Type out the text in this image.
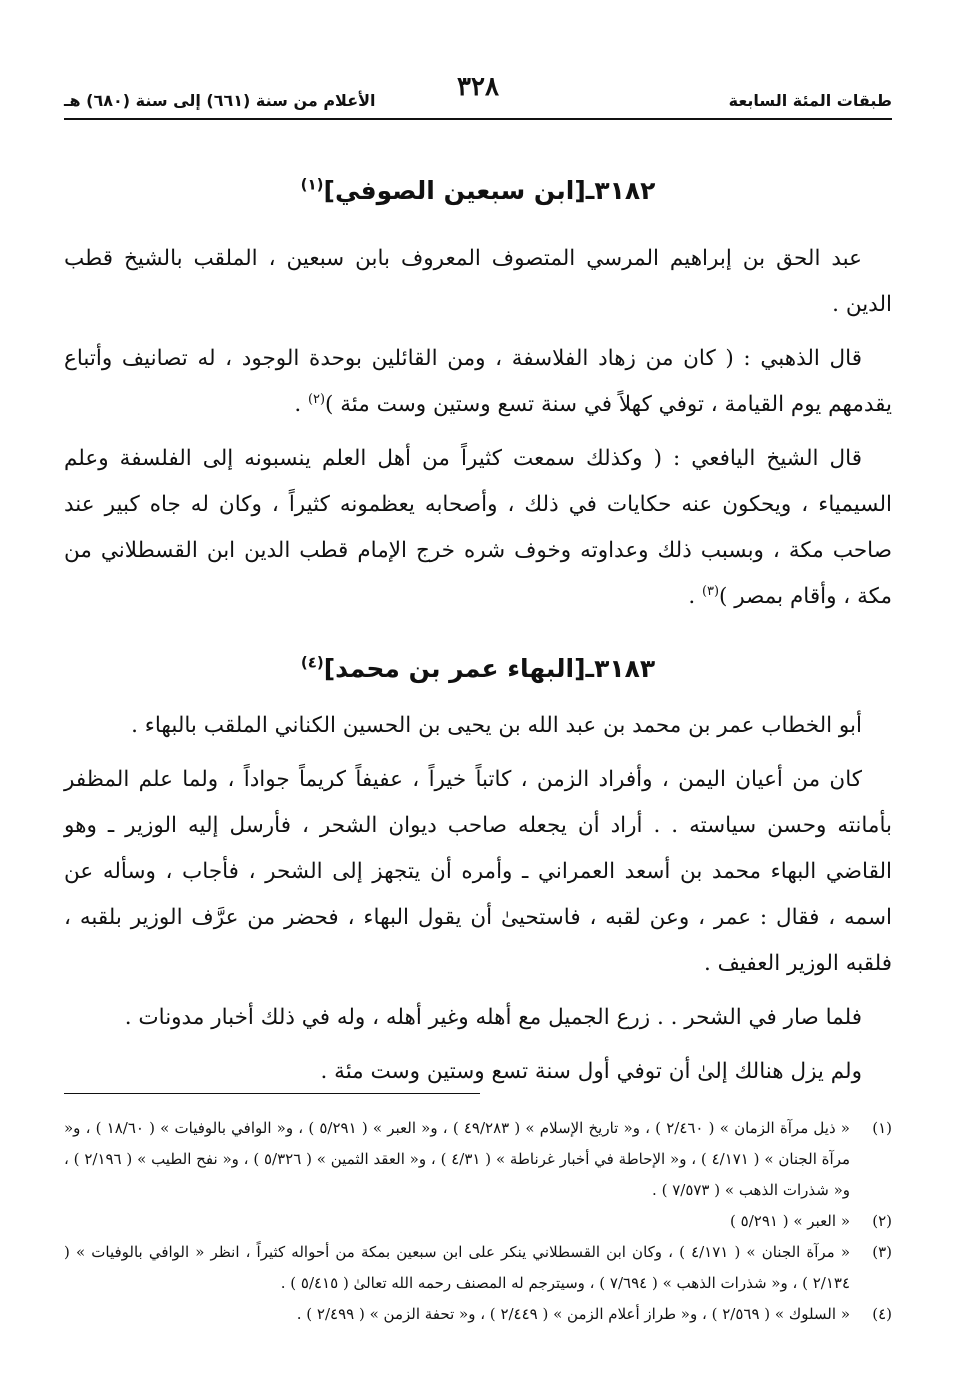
طبقات المئة السابعة
٣٢٨
الأعلام من سنة (٦٦١) إلى سنة (٦٨٠) هـ
٣١٨٢ـ[ابن سبعين الصوفي]$^{(١)}$

عبد الحق بن إبراهيم المرسي المتصوف المعروف بابن سبعين ، الملقب بالشيخ قطب الدين .

قال الذهبي : ( كان من زهاد الفلاسفة ، ومن القائلين بوحدة الوجود ، له تصانيف وأتباع يقدمهم يوم القيامة ، توفي كهلاً في سنة تسع وستين وست مئة )$^{(٢)}$ .

قال الشيخ اليافعي : ( وكذلك سمعت كثيراً من أهل العلم ينسبونه إلى الفلسفة وعلم السيمياء ، ويحكون عنه حكايات في ذلك ، وأصحابه يعظمونه كثيراً ، وكان له جاه كبير عند صاحب مكة ، وبسبب ذلك وعداوته وخوف شره خرج الإمام قطب الدين ابن القسطلاني من مكة ، وأقام بمصر )$^{(٣)}$ .

٣١٨٣ـ[البهاء عمر بن محمد]$^{(٤)}$

أبو الخطاب عمر بن محمد بن عبد الله بن يحيى بن الحسين الكناني الملقب بالبهاء .

كان من أعيان اليمن ، وأفراد الزمن ، كاتباً خيراً ، عفيفاً كريماً جواداً ، ولما علم المظفر بأمانته وحسن سياسته . . أراد أن يجعله صاحب ديوان الشحر ، فأرسل إليه الوزير ـ وهو القاضي البهاء محمد بن أسعد العمراني ـ وأمره أن يتجهز إلى الشحر ، فأجاب ، وسأله عن اسمه ، فقال : عمر ، وعن لقبه ، فاستحيىٰ أن يقول البهاء ، فحضر من عرَّف الوزير بلقبه ، فلقبه الوزير العفيف .

فلما صار في الشحر . . زرع الجميل مع أهله وغير أهله ، وله في ذلك أخبار مدونات .

ولم يزل هنالك إلىٰ أن توفي أول سنة تسع وستين وست مئة .

(١)
« ذيل مرآة الزمان » ( ٢/٤٦٠ ) ، و« تاريخ الإسلام » ( ٤٩/٢٨٣ ) ، و« العبر » ( ٥/٢٩١ ) ، و« الوافي بالوفيات » ( ١٨/٦٠ ) ، و« مرآة الجنان » ( ٤/١٧١ ) ، و« الإحاطة في أخبار غرناطة » ( ٤/٣١ ) ، و« العقد الثمين » ( ٥/٣٢٦ ) ، و« نفح الطيب » ( ٢/١٩٦ ) ، و« شذرات الذهب » ( ٧/٥٧٣ ) .
(٢)
« العبر » ( ٥/٢٩١ )
(٣)
« مرآة الجنان » ( ٤/١٧١ ) ، وكان ابن القسطلاني ينكر على ابن سبعين بمكة من أحواله كثيراً ، انظر « الوافي بالوفيات » ( ٢/١٣٤ ) ، و« شذرات الذهب » ( ٧/٦٩٤ ) ، وسيترجم له المصنف رحمه الله تعالىٰ ( ٥/٤١٥ ) .
(٤)
« السلوك » ( ٢/٥٦٩ ) ، و« طراز أعلام الزمن » ( ٢/٤٤٩ ) ، و« تحفة الزمن » ( ٢/٤٩٩ ) .
